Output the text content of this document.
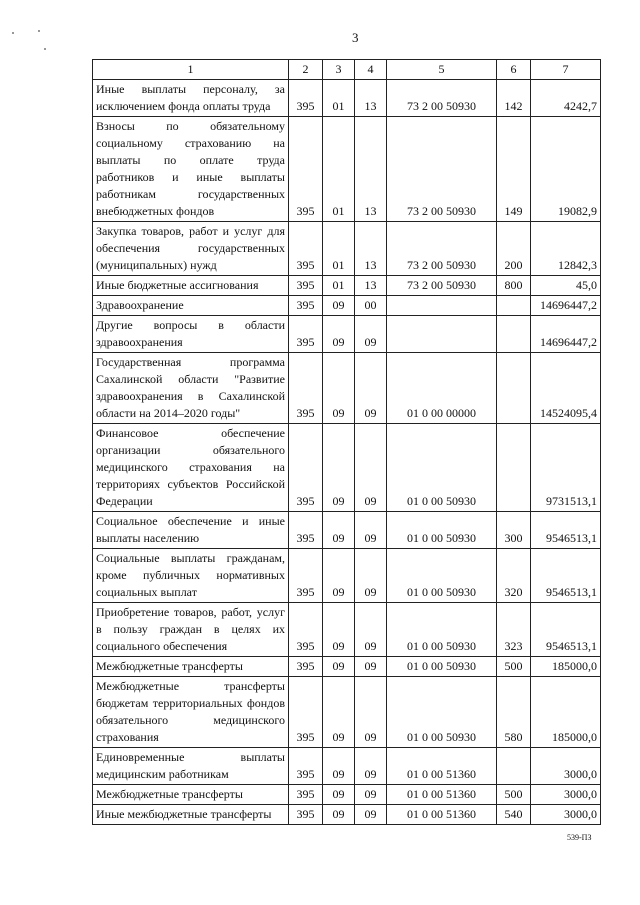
3
1	2	3	4	5	6	7
Иные выплаты персоналу, за исключением фонда оплаты труда	395	01	13	73 2 00 50930	142	4242,7
Взносы по обязательному социальному страхованию на выплаты по оплате труда работников и иные выплаты работникам государственных внебюджетных фондов	395	01	13	73 2 00 50930	149	19082,9
Закупка товаров, работ и услуг для обеспечения государственных (муниципальных) нужд	395	01	13	73 2 00 50930	200	12842,3
Иные бюджетные ассигнования	395	01	13	73 2 00 50930	800	45,0
Здравоохранение	395	09	00			14696447,2
Другие вопросы в области здравоохранения	395	09	09			14696447,2
Государственная программа Сахалинской области "Развитие здравоохранения в Сахалинской области на 2014–2020 годы"	395	09	09	01 0 00 00000		14524095,4
Финансовое обеспечение организации обязательного медицинского страхования на территориях субъектов Российской Федерации	395	09	09	01 0 00 50930		9731513,1
Социальное обеспечение и иные выплаты населению	395	09	09	01 0 00 50930	300	9546513,1
Социальные выплаты гражданам, кроме публичных нормативных социальных выплат	395	09	09	01 0 00 50930	320	9546513,1
Приобретение товаров, работ, услуг в пользу граждан в целях их социального обеспечения	395	09	09	01 0 00 50930	323	9546513,1
Межбюджетные трансферты	395	09	09	01 0 00 50930	500	185000,0
Межбюджетные трансферты бюджетам территориальных фондов обязательного медицинского страхования	395	09	09	01 0 00 50930	580	185000,0
Единовременные выплаты медицинским работникам	395	09	09	01 0 00 51360		3000,0
Межбюджетные трансферты	395	09	09	01 0 00 51360	500	3000,0
Иные межбюджетные трансферты	395	09	09	01 0 00 51360	540	3000,0
539-ПЗ
